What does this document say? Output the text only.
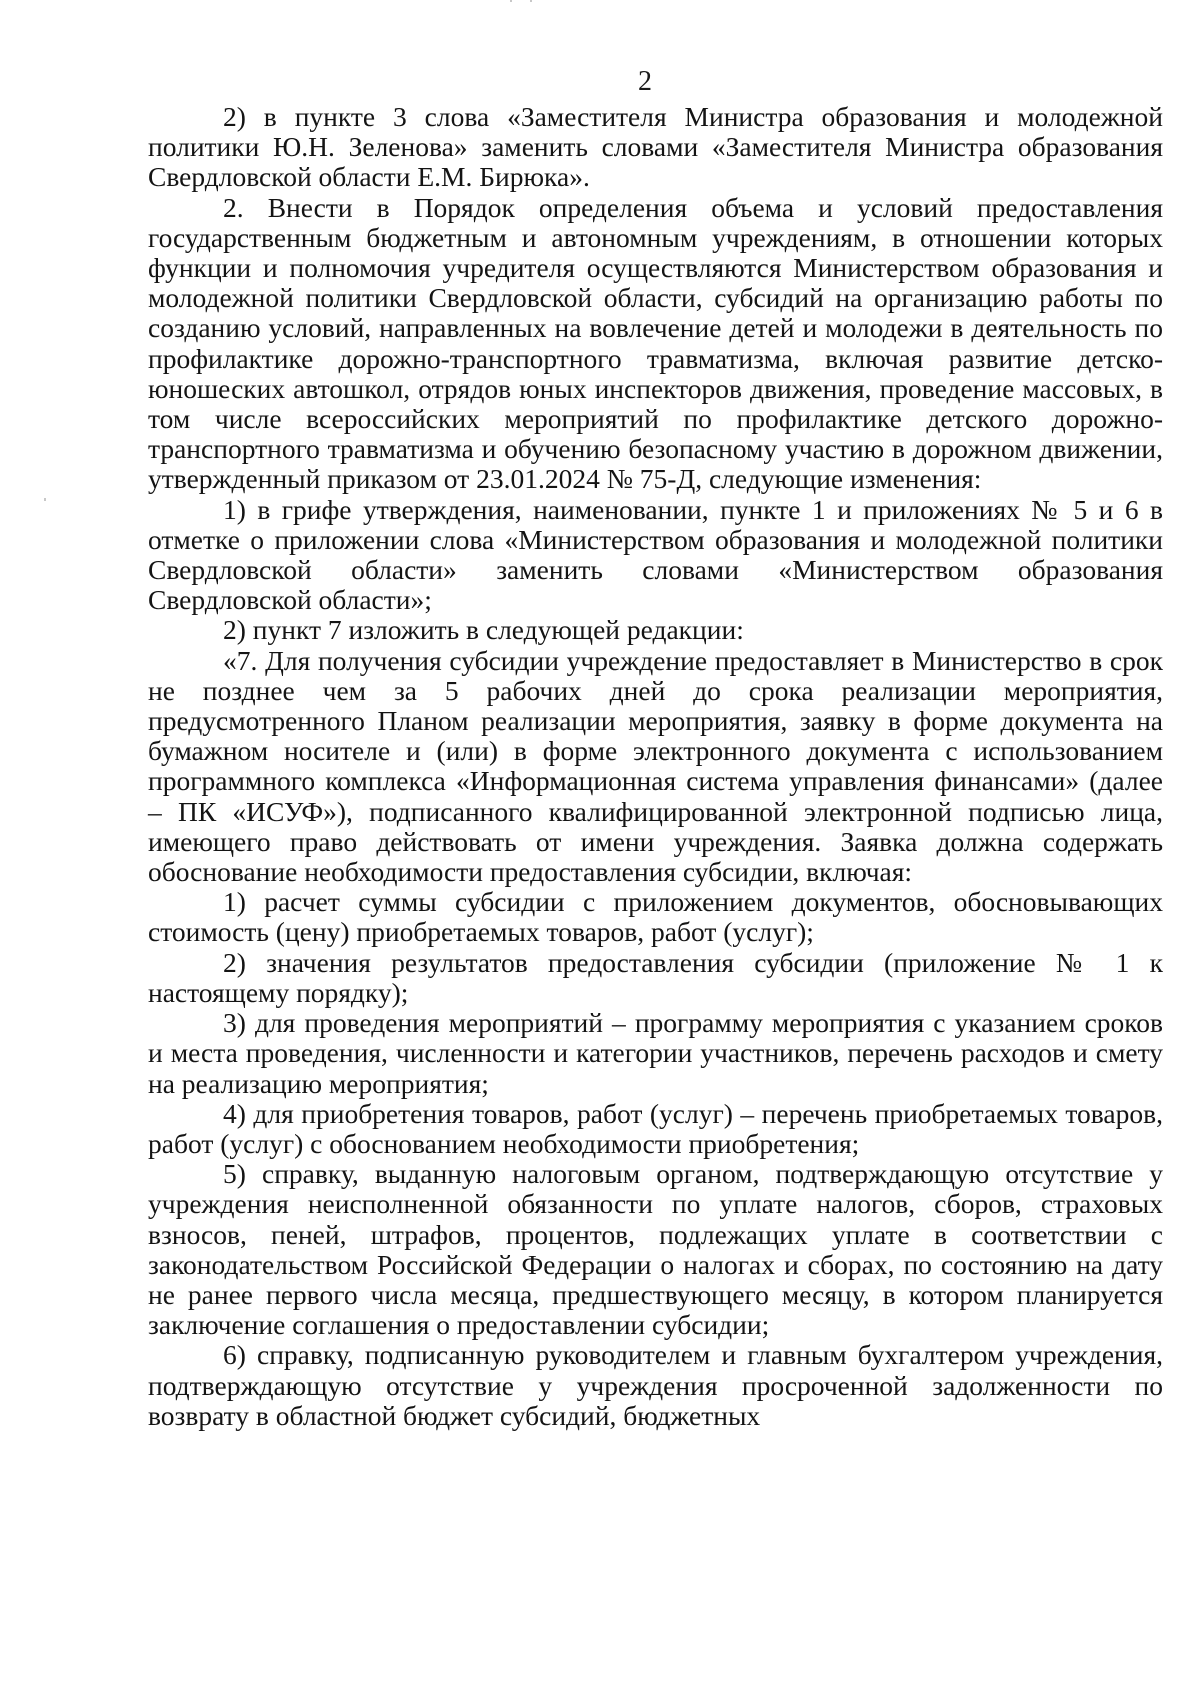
2

2) в пункте 3 слова «Заместителя Министра образования и молодежной политики Ю.Н. Зеленова» заменить словами «Заместителя Министра образования Свердловской области Е.М. Бирюка».

2. Внести в Порядок определения объема и условий предоставления государственным бюджетным и автономным учреждениям, в отношении которых функции и полномочия учредителя осуществляются Министерством образования и молодежной политики Свердловской области, субсидий на организацию работы по созданию условий, направленных на вовлечение детей и молодежи в деятельность по профилактике дорожно-транспортного травматизма, включая развитие детско-юношеских автошкол, отрядов юных инспекторов движения, проведение массовых, в том числе всероссийских мероприятий по профилактике детского дорожно-транспортного травматизма и обучению безопасному участию в дорожном движении, утвержденный приказом от 23.01.2024 № 75-Д, следующие изменения:

1) в грифе утверждения, наименовании, пункте 1 и приложениях № 5 и 6 в отметке о приложении слова «Министерством образования и молодежной политики Свердловской области» заменить словами «Министерством образования Свердловской области»;

2) пункт 7 изложить в следующей редакции:

«7. Для получения субсидии учреждение предоставляет в Министерство в срок не позднее чем за 5 рабочих дней до срока реализации мероприятия, предусмотренного Планом реализации мероприятия, заявку в форме документа на бумажном носителе и (или) в форме электронного документа с использованием программного комплекса «Информационная система управления финансами» (далее – ПК «ИСУФ»), подписанного квалифицированной электронной подписью лица, имеющего право действовать от имени учреждения. Заявка должна содержать обоснование необходимости предоставления субсидии, включая:

1) расчет суммы субсидии с приложением документов, обосновывающих стоимость (цену) приобретаемых товаров, работ (услуг);

2) значения результатов предоставления субсидии (приложение № 1 к настоящему порядку);

3) для проведения мероприятий – программу мероприятия с указанием сроков и места проведения, численности и категории участников, перечень расходов и смету на реализацию мероприятия;

4) для приобретения товаров, работ (услуг) – перечень приобретаемых товаров, работ (услуг) с обоснованием необходимости приобретения;

5) справку, выданную налоговым органом, подтверждающую отсутствие у учреждения неисполненной обязанности по уплате налогов, сборов, страховых взносов, пеней, штрафов, процентов, подлежащих уплате в соответствии с законодательством Российской Федерации о налогах и сборах, по состоянию на дату не ранее первого числа месяца, предшествующего месяцу, в котором планируется заключение соглашения о предоставлении субсидии;

6) справку, подписанную руководителем и главным бухгалтером учреждения, подтверждающую отсутствие у учреждения просроченной задолженности по возврату в областной бюджет субсидий, бюджетных
